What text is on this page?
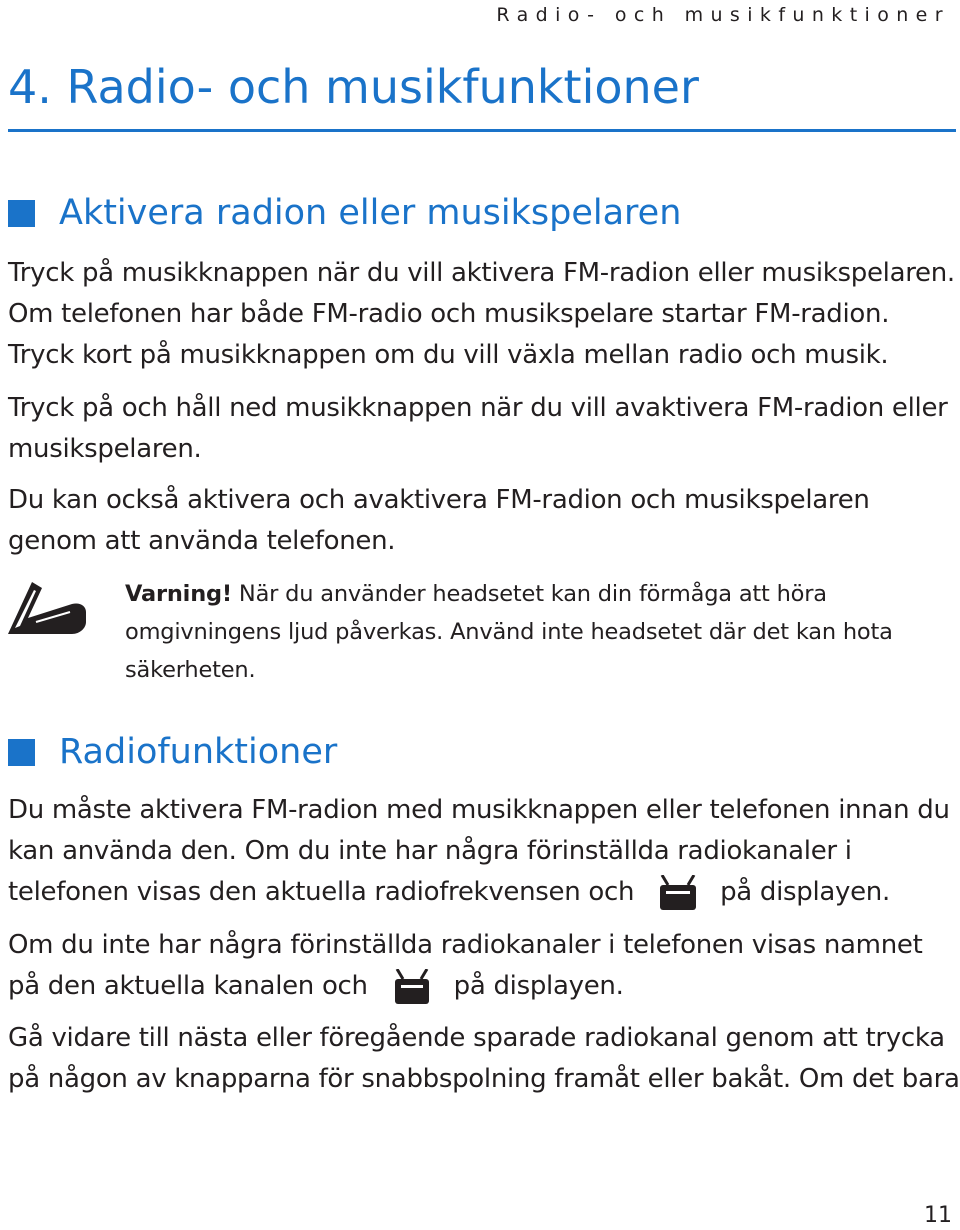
Radio- och musikfunktioner
4. Radio- och musikfunktioner
Aktivera radion eller musikspelaren

Tryck på musikknappen när du vill aktivera FM-radion eller musikspelaren.
Om telefonen har både FM-radio och musikspelare startar FM-radion.
Tryck kort på musikknappen om du vill växla mellan radio och musik.

Tryck på och håll ned musikknappen när du vill avaktivera FM-radion eller
musikspelaren.

Du kan också aktivera och avaktivera FM-radion och musikspelaren
genom att använda telefonen.

Varning! När du använder headsetet kan din förmåga att höra
omgivningens ljud påverkas. Använd inte headsetet där det kan hota
säkerheten.

Radiofunktioner

Du måste aktivera FM-radion med musikknappen eller telefonen innan du
kan använda den. Om du inte har några förinställda radiokanaler i
telefonen visas den aktuella radiofrekvensen och	på displayen.

Om du inte har några förinställda radiokanaler i telefonen visas namnet
på den aktuella kanalen och	på displayen.

Gå vidare till nästa eller föregående sparade radiokanal genom att trycka
på någon av knapparna för snabbspolning framåt eller bakåt. Om det bara

11
